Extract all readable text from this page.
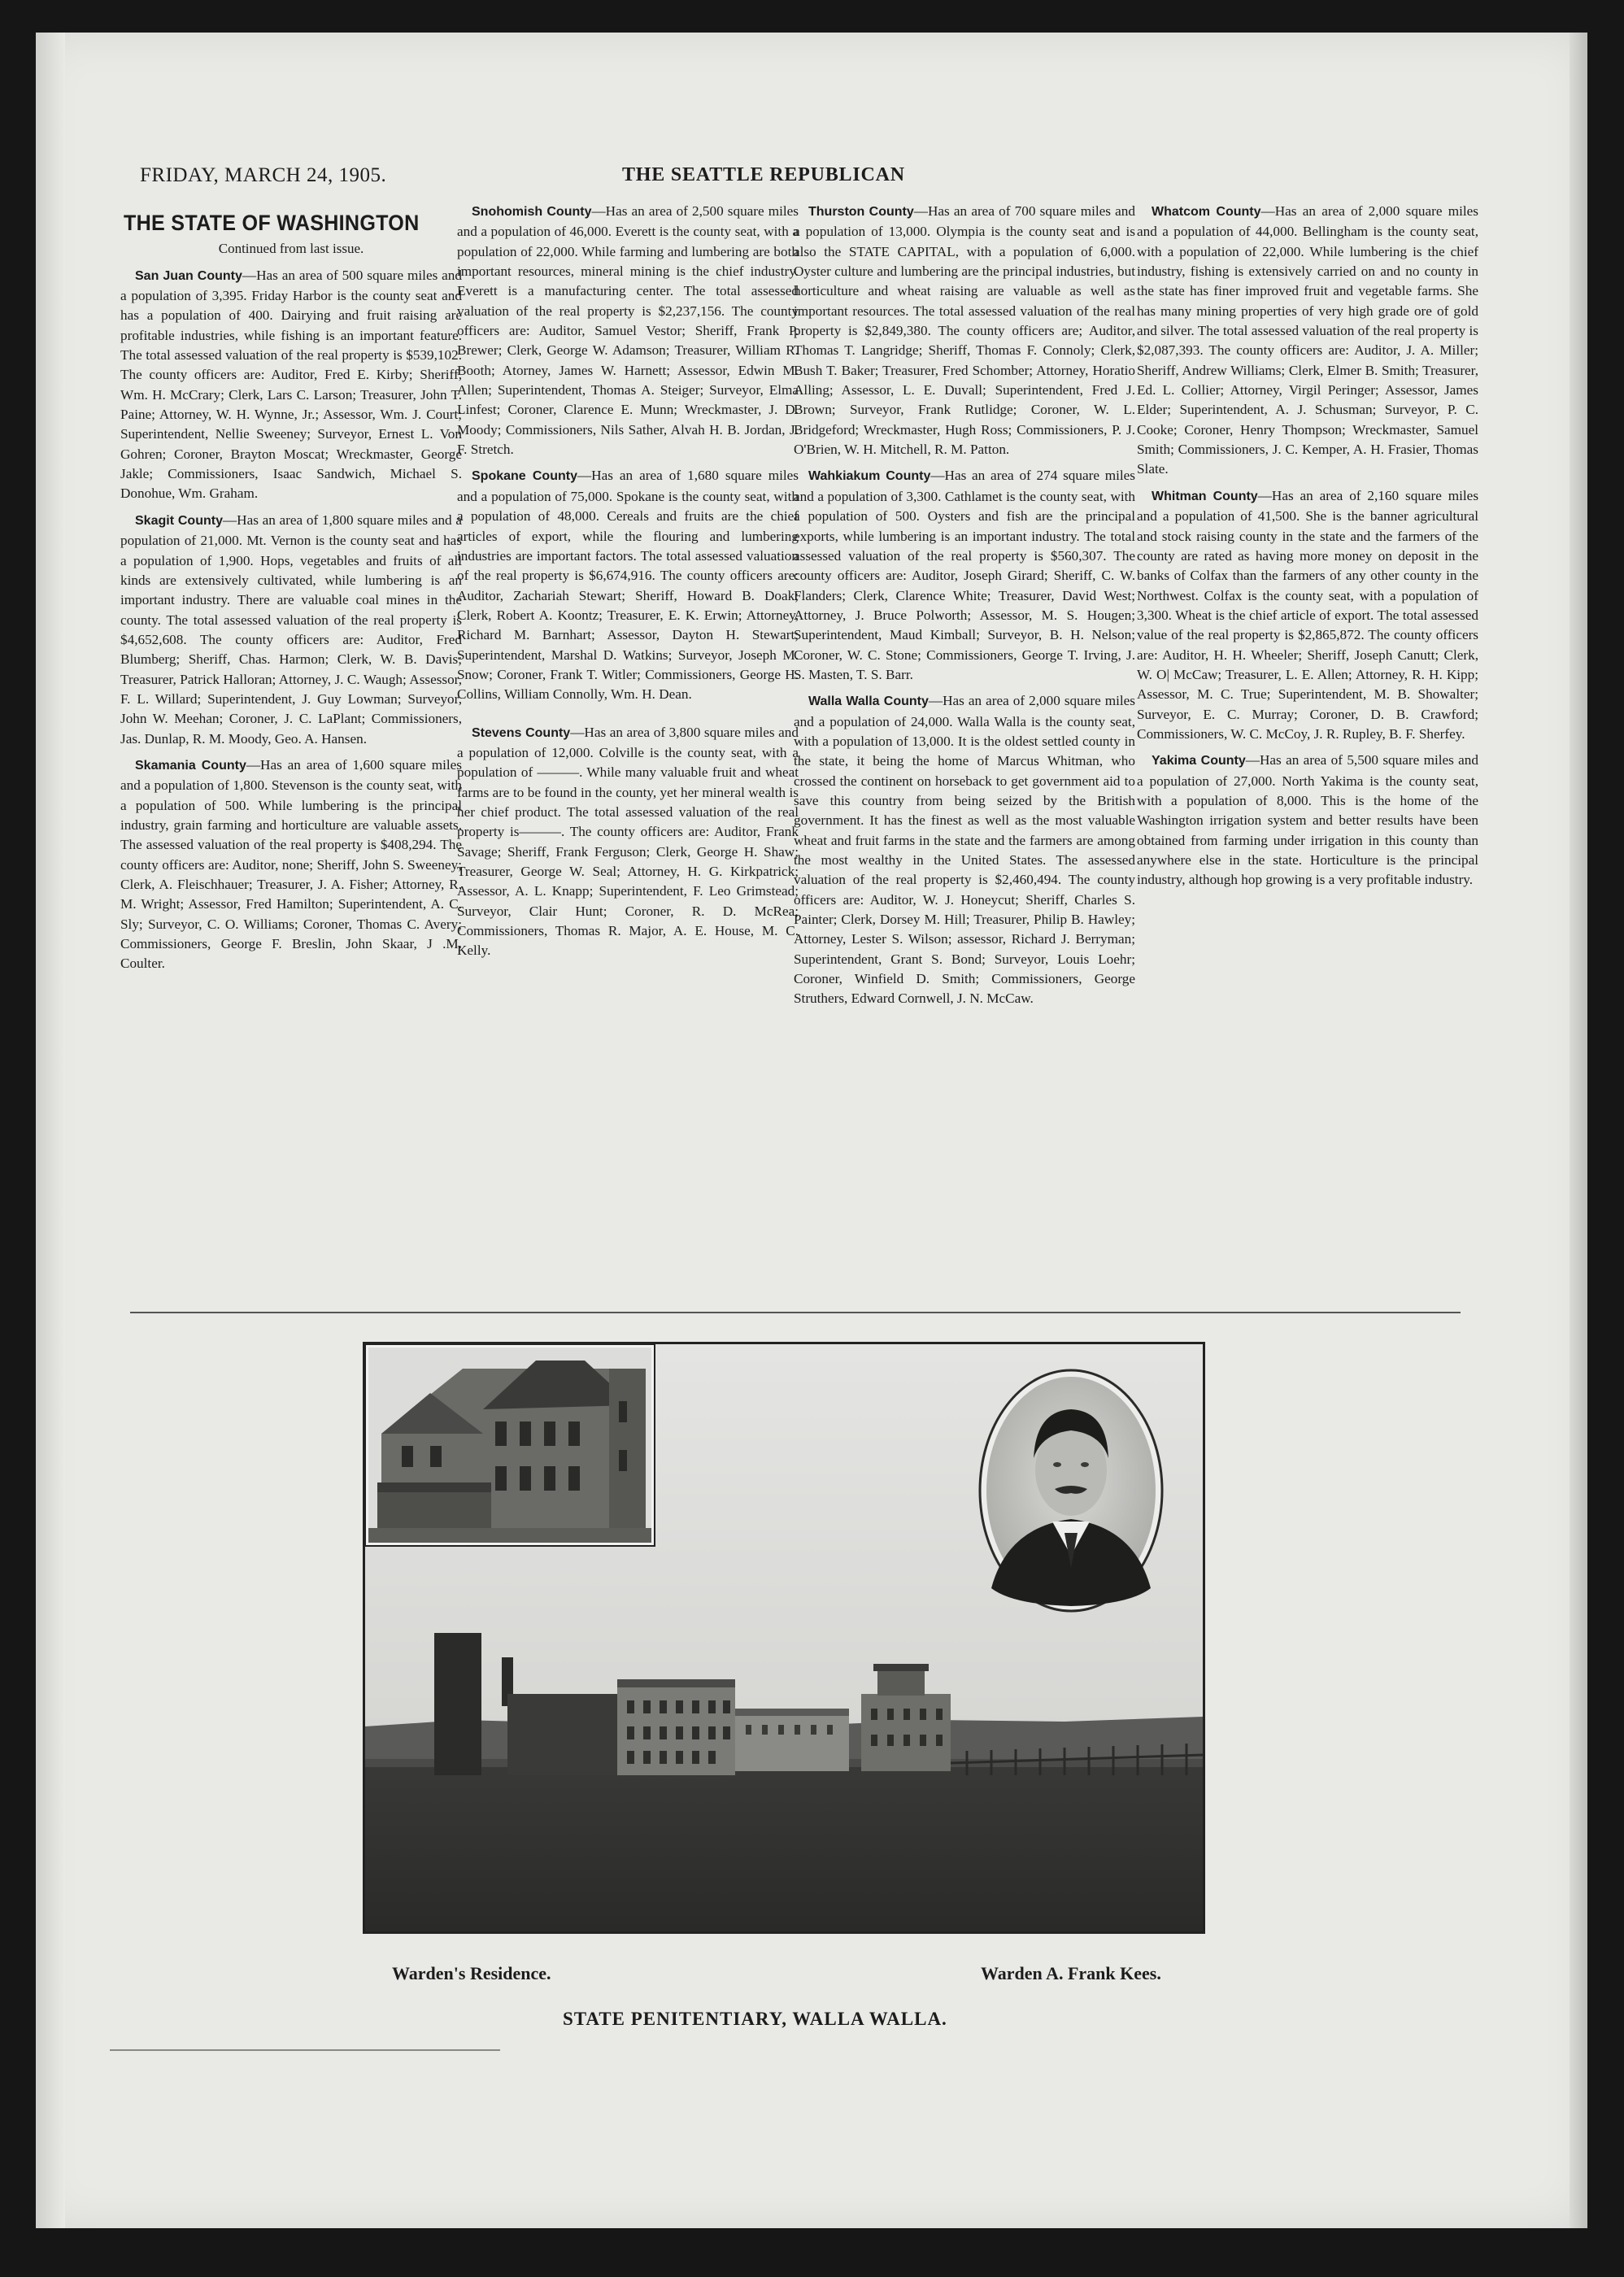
FRIDAY, MARCH 24, 1905.	THE SEATTLE REPUBLICAN
THE STATE OF WASHINGTON
Continued from last issue.

San Juan County—Has an area of 500 square miles and a population of 3,395. Friday Harbor is the county seat and has a population of 400. Dairying and fruit raising are profitable industries, while fishing is an important feature. The total assessed valuation of the real property is $539,102. The county officers are: Auditor, Fred E. Kirby; Sheriff, Wm. H. McCrary; Clerk, Lars C. Larson; Treasurer, John T. Paine; Attorney, W. H. Wynne, Jr.; Assessor, Wm. J. Court; Superintendent, Nellie Sweeney; Surveyor, Ernest L. Von Gohren; Coroner, Brayton Moscat; Wreckmaster, George Jakle; Commissioners, Isaac Sandwich, Michael S. Donohue, Wm. Graham.

Skagit County—Has an area of 1,800 square miles and a population of 21,000. Mt. Vernon is the county seat and has a population of 1,900. Hops, vegetables and fruits of all kinds are extensively cultivated, while lumbering is an important industry. There are valuable coal mines in the county. The total assessed valuation of the real property is $4,652,608. The county officers are: Auditor, Fred Blumberg; Sheriff, Chas. Harmon; Clerk, W. B. Davis; Treasurer, Patrick Halloran; Attorney, J. C. Waugh; Assessor, F. L. Willard; Superintendent, J. Guy Lowman; Surveyor, John W. Meehan; Coroner, J. C. LaPlant; Commissioners, Jas. Dunlap, R. M. Moody, Geo. A. Hansen.

Skamania County—Has an area of 1,600 square miles and a population of 1,800. Stevenson is the county seat, with a population of 500. While lumbering is the principal industry, grain farming and horticulture are valuable assets. The assessed valuation of the real property is $408,294. The county officers are: Auditor, none; Sheriff, John S. Sweeney; Clerk, A. Fleischhauer; Treasurer, J. A. Fisher; Attorney, R. M. Wright; Assessor, Fred Hamilton; Superintendent, A. C. Sly; Surveyor, C. O. Williams; Coroner, Thomas C. Avery; Commissioners, George F. Breslin, John Skaar, J .M. Coulter.

Snohomish County—Has an area of 2,500 square miles and a population of 46,000. Everett is the county seat, with a population of 22,000. While farming and lumbering are both important resources, mineral mining is the chief industry. Everett is a manufacturing center. The total assessed valuation of the real property is $2,237,156. The county officers are: Auditor, Samuel Vestor; Sheriff, Frank P. Brewer; Clerk, George W. Adamson; Treasurer, William R. Booth; Atorney, James W. Harnett; Assessor, Edwin M. Allen; Superintendent, Thomas A. Steiger; Surveyor, Elma Linfest; Coroner, Clarence E. Munn; Wreckmaster, J. D. Moody; Commissioners, Nils Sather, Alvah H. B. Jordan, J. F. Stretch.

Spokane County—Has an area of 1,680 square miles and a population of 75,000. Spokane is the county seat, with a population of 48,000. Cereals and fruits are the chief articles of export, while the flouring and lumbering industries are important factors. The total assessed valuation of the real property is $6,674,916. The county officers are: Auditor, Zachariah Stewart; Sheriff, Howard B. Doak; Clerk, Robert A. Koontz; Treasurer, E. K. Erwin; Attorney, Richard M. Barnhart; Assessor, Dayton H. Stewart; Superintendent, Marshal D. Watkins; Surveyor, Joseph M. Snow; Coroner, Frank T. Witler; Commissioners, George H. Collins, William Connolly, Wm. H. Dean.

Stevens County—Has an area of 3,800 square miles and a population of 12,000. Colville is the county seat, with a population of ———. While many valuable fruit and wheat farms are to be found in the county, yet her mineral wealth is her chief product. The total assessed valuation of the real property is———. The county officers are: Auditor, Frank Savage; Sheriff, Frank Ferguson; Clerk, George H. Shaw; Treasurer, George W. Seal; Attorney, H. G. Kirkpatrick; Assessor, A. L. Knapp; Superintendent, F. Leo Grimstead; Surveyor, Clair Hunt; Coroner, R. D. McRea; Commissioners, Thomas R. Major, A. E. House, M. C. Kelly.

Thurston County—Has an area of 700 square miles and a population of 13,000. Olympia is the county seat and is also the STATE CAPITAL, with a population of 6,000. Oyster culture and lumbering are the principal industries, but horticulture and wheat raising are valuable as well as important resources. The total assessed valuation of the real property is $2,849,380. The county officers are; Auditor, Thomas T. Langridge; Sheriff, Thomas F. Connoly; Clerk, Bush T. Baker; Treasurer, Fred Schomber; Attorney, Horatio Alling; Assessor, L. E. Duvall; Superintendent, Fred J. Brown; Surveyor, Frank Rutlidge; Coroner, W. L. Bridgeford; Wreckmaster, Hugh Ross; Commissioners, P. J. O'Brien, W. H. Mitchell, R. M. Patton.

Wahkiakum County—Has an area of 274 square miles and a population of 3,300. Cathlamet is the county seat, with a population of 500. Oysters and fish are the principal exports, while lumbering is an important industry. The total assessed valuation of the real property is $560,307. The county officers are: Auditor, Joseph Girard; Sheriff, C. W. Flanders; Clerk, Clarence White; Treasurer, David West; Attorney, J. Bruce Polworth; Assessor, M. S. Hougen; Superintendent, Maud Kimball; Surveyor, B. H. Nelson; Coroner, W. C. Stone; Commissioners, George T. Irving, J. S. Masten, T. S. Barr.

Walla Walla County—Has an area of 2,000 square miles and a population of 24,000. Walla Walla is the county seat, with a population of 13,000. It is the oldest settled county in the state, it being the home of Marcus Whitman, who crossed the continent on horseback to get government aid to save this country from being seized by the British government. It has the finest as well as the most valuable wheat and fruit farms in the state and the farmers are among the most wealthy in the United States. The assessed valuation of the real property is $2,460,494. The county officers are: Auditor, W. J. Honeycut; Sheriff, Charles S. Painter; Clerk, Dorsey M. Hill; Treasurer, Philip B. Hawley; Attorney, Lester S. Wilson; assessor, Richard J. Berryman; Superintendent, Grant S. Bond; Surveyor, Louis Loehr; Coroner, Winfield D. Smith; Commissioners, George Struthers, Edward Cornwell, J. N. McCaw.

Whatcom County—Has an area of 2,000 square miles and a population of 44,000. Bellingham is the county seat, with a population of 22,000. While lumbering is the chief industry, fishing is extensively carried on and no county in the state has finer improved fruit and vegetable farms. She has many mining properties of very high grade ore of gold and silver. The total assessed valuation of the real property is $2,087,393. The county officers are: Auditor, J. A. Miller; Sheriff, Andrew Williams; Clerk, Elmer B. Smith; Treasurer, Ed. L. Collier; Attorney, Virgil Peringer; Assessor, James Elder; Superintendent, A. J. Schusman; Surveyor, P. C. Cooke; Coroner, Henry Thompson; Wreckmaster, Samuel Smith; Commissioners, J. C. Kemper, A. H. Frasier, Thomas Slate.

Whitman County—Has an area of 2,160 square miles and a population of 41,500. She is the banner agricultural and stock raising county in the state and the farmers of the county are rated as having more money on deposit in the banks of Colfax than the farmers of any other county in the Northwest. Colfax is the county seat, with a population of 3,300. Wheat is the chief article of export. The total assessed value of the real property is $2,865,872. The county officers are: Auditor, H. H. Wheeler; Sheriff, Joseph Canutt; Clerk, W. O| McCaw; Treasurer, L. E. Allen; Attorney, R. H. Kipp; Assessor, M. C. True; Superintendent, M. B. Showalter; Surveyor, E. C. Murray; Coroner, D. B. Crawford; Commissioners, W. C. McCoy, J. R. Rupley, B. F. Sherfey.

Yakima County—Has an area of 5,500 square miles and a population of 27,000. North Yakima is the county seat, with a population of 8,000. This is the home of the Washington irrigation system and better results have been obtained from farming under irrigation in this county than anywhere else in the state. Horticulture is the principal industry, although hop growing is a very profitable industry.

Warden's Residence.	Warden A. Frank Kees.
STATE PENITENTIARY, WALLA WALLA.
